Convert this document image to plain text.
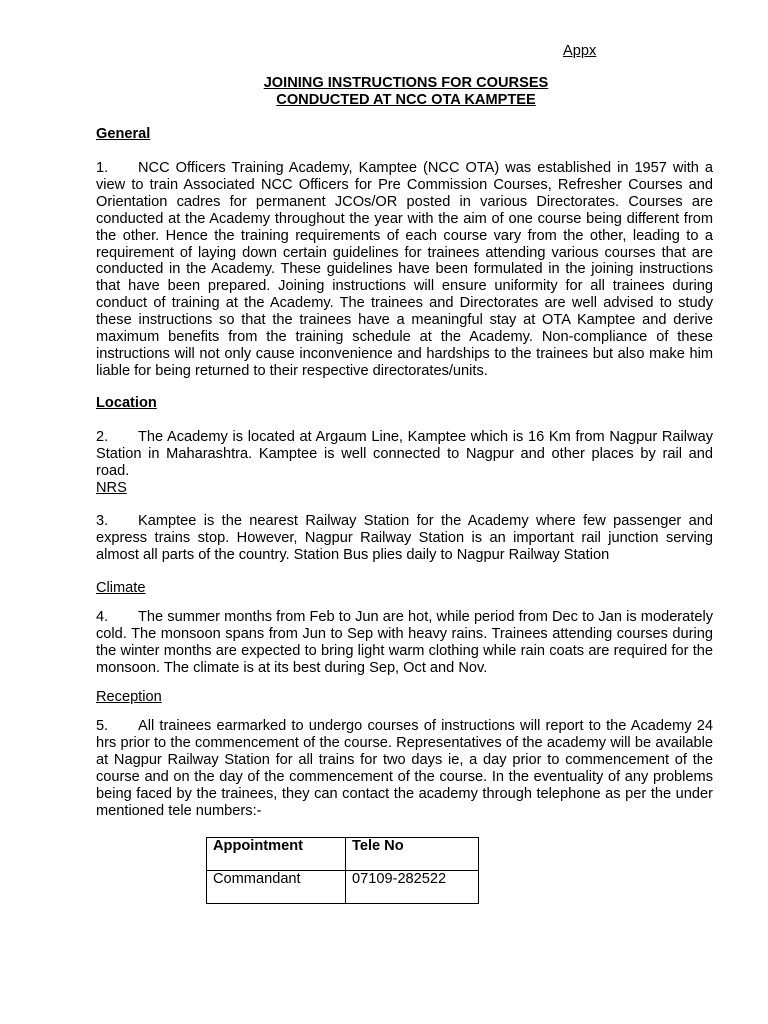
Appx
JOINING INSTRUCTIONS FOR COURSES
CONDUCTED AT NCC OTA KAMPTEE
General

1. NCC Officers Training Academy, Kamptee (NCC OTA) was established in 1957 with a view to train Associated NCC Officers for Pre Commission Courses, Refresher Courses and Orientation cadres for permanent JCOs/OR posted in various Directorates. Courses are conducted at the Academy throughout the year with the aim of one course being different from the other. Hence the training requirements of each course vary from the other, leading to a requirement of laying down certain guidelines for trainees attending various courses that are conducted in the Academy. These guidelines have been formulated in the joining instructions that have been prepared. Joining instructions will ensure uniformity for all trainees during conduct of training at the Academy. The trainees and Directorates are well advised to study these instructions so that the trainees have a meaningful stay at OTA Kamptee and derive maximum benefits from the training schedule at the Academy. Non-compliance of these instructions will not only cause inconvenience and hardships to the trainees but also make him liable for being returned to their respective directorates/units.

Location

2. The Academy is located at Argaum Line, Kamptee which is 16 Km from Nagpur Railway Station in Maharashtra. Kamptee is well connected to Nagpur and other places by rail and road.

NRS

3. Kamptee is the nearest Railway Station for the Academy where few passenger and express trains stop. However, Nagpur Railway Station is an important rail junction serving almost all parts of the country. Station Bus plies daily to Nagpur Railway Station

Climate

4. The summer months from Feb to Jun are hot, while period from Dec to Jan is moderately cold. The monsoon spans from Jun to Sep with heavy rains. Trainees attending courses during the winter months are expected to bring light warm clothing while rain coats are required for the monsoon. The climate is at its best during Sep, Oct and Nov.

Reception

5. All trainees earmarked to undergo courses of instructions will report to the Academy 24 hrs prior to the commencement of the course. Representatives of the academy will be available at Nagpur Railway Station for all trains for two days ie, a day prior to commencement of the course and on the day of the commencement of the course. In the eventuality of any problems being faced by the trainees, they can contact the academy through telephone as per the under mentioned tele numbers:-

Appointment	Tele No

Commandant	07109-282522
